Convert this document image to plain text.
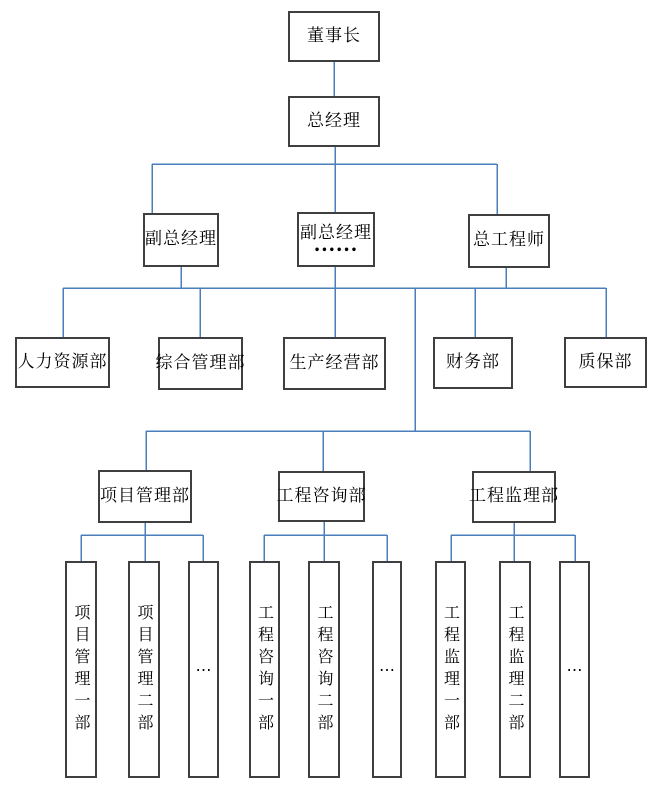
董事长
总经理
副总经理	副总经理
••••••
总工程师
人力资源部	综合管理部	生产经营部	财务部	质保部
项目管理部	工程咨询部	工程监理部
项目管理一部	项目管理二部	⋯	工程咨询一部	工程咨询二部	⋯	工程监理一部	工程监理二部	⋯
